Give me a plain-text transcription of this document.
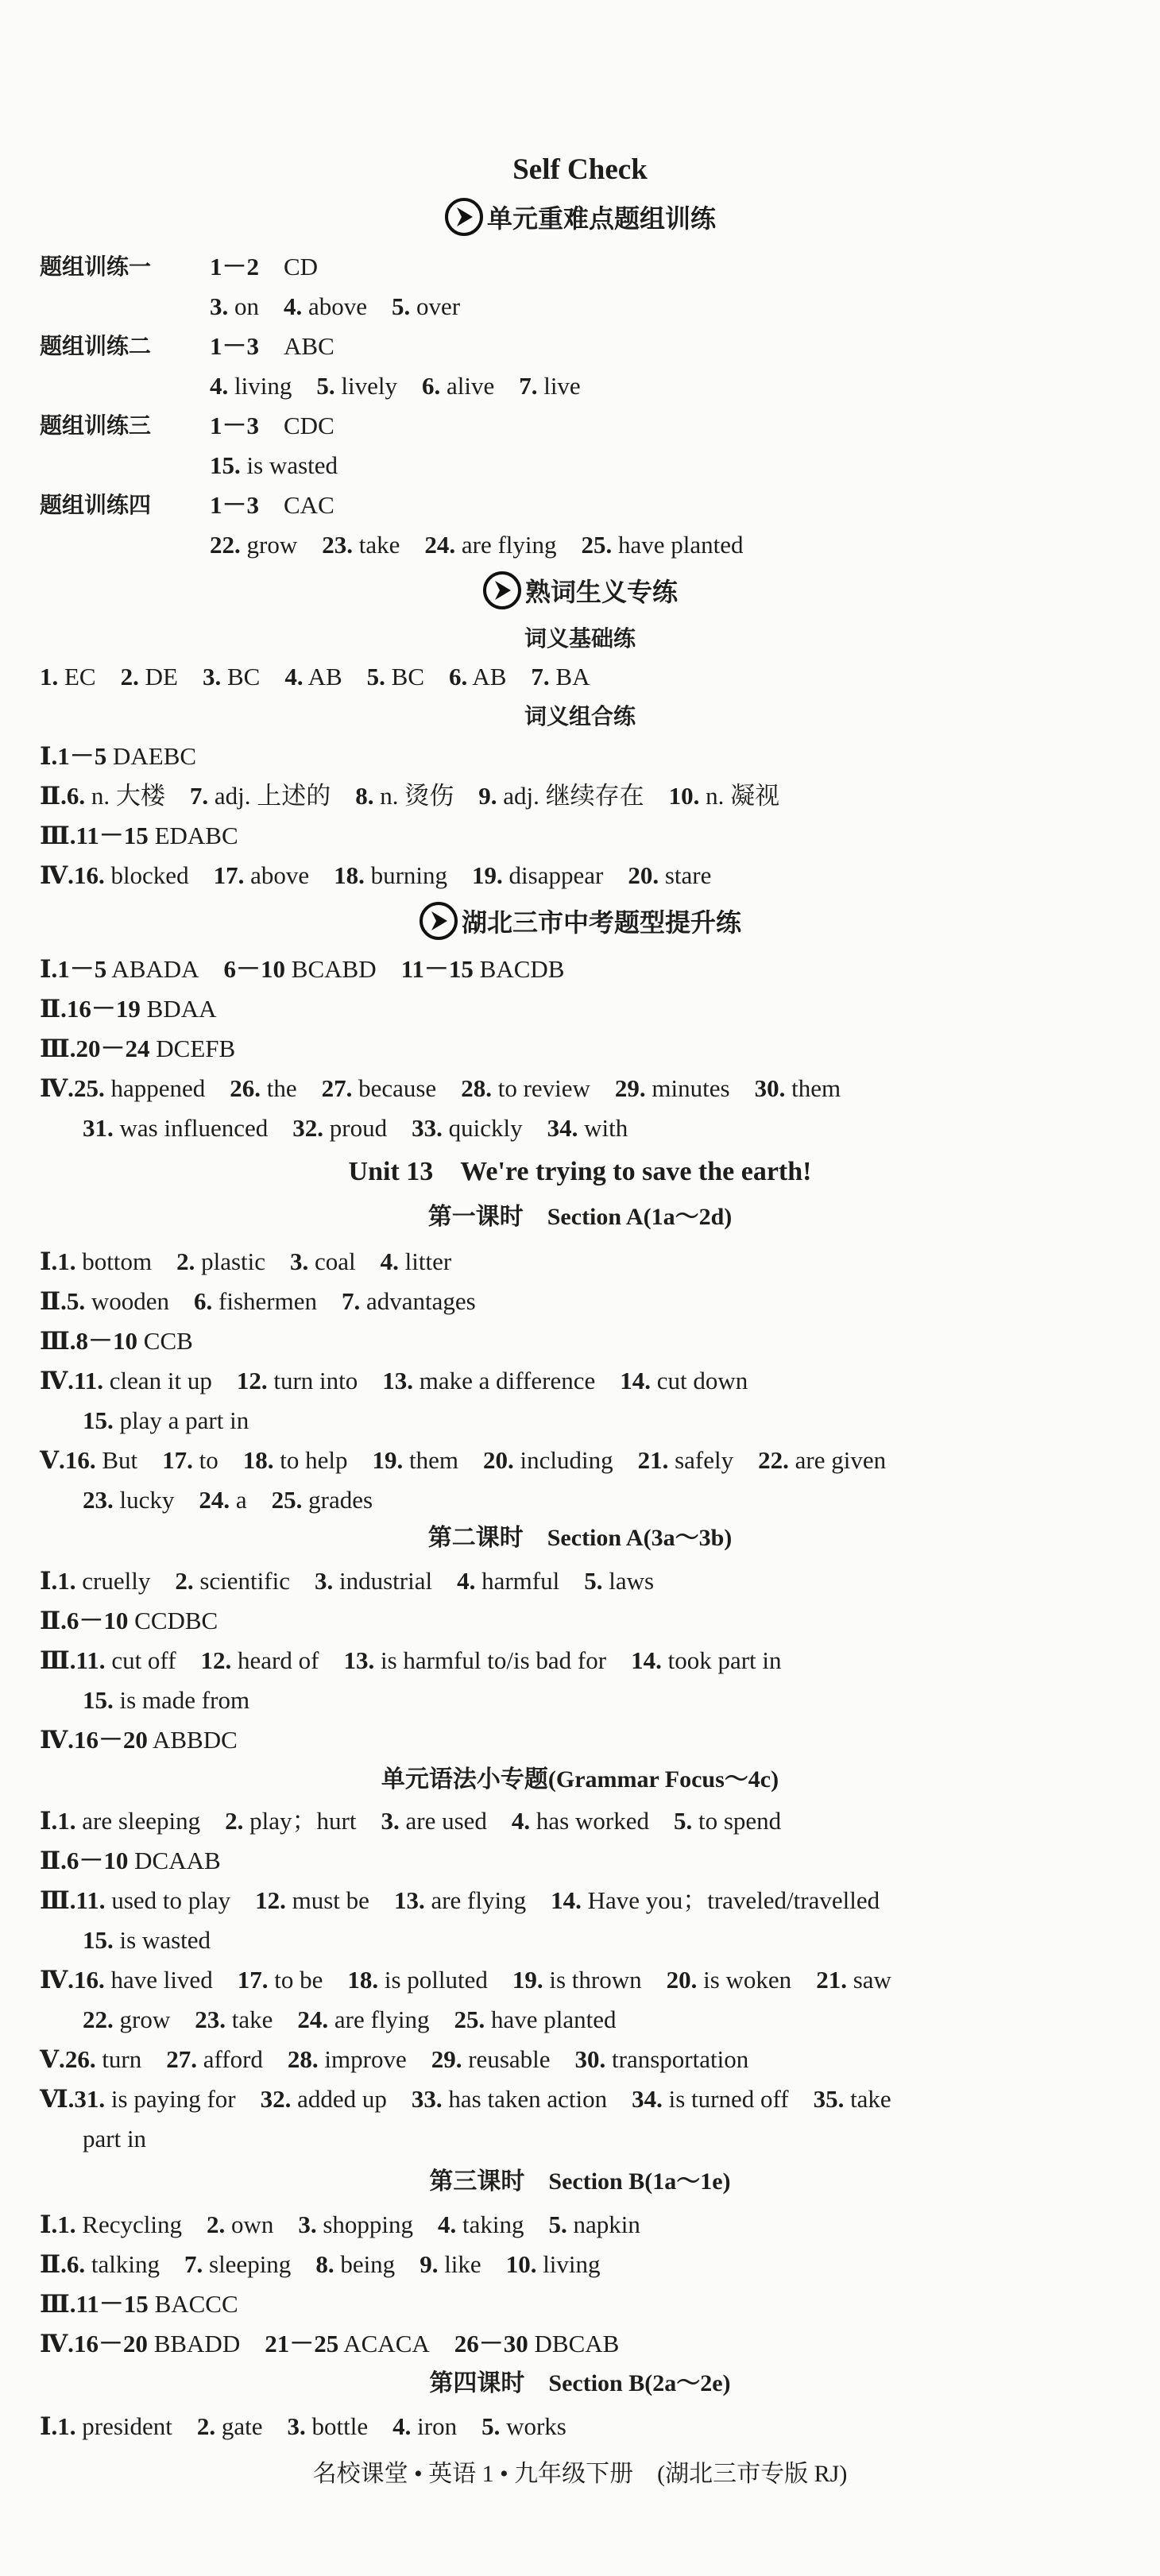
Self Check
单元重难点题组训练
题组训练一 1－2　 CD
3. on   4. above   5. over
题组训练二 1－3　 ABC
4. living   5. lively   6. alive   7. live
题组训练三 1－3　 CDC
15. is wasted
题组训练四 1－3　 CAC
22. grow   23. take   24. are flying   25. have planted
熟词生义专练
词义基础练
1. EC   2. DE   3. BC   4. AB   5. BC   6. AB   7. BA
词义组合练
Ⅰ.1－5 DAEBC
Ⅱ.6. n. 大楼   7. adj. 上述的   8. n. 烫伤   9. adj. 继续存在   10. n. 凝视
Ⅲ.11－15 EDABC
Ⅳ.16. blocked   17. above   18. burning   19. disappear   20. stare
湖北三市中考题型提升练
Ⅰ.1－5 ABADA   6－10 BCABD   11－15 BACDB
Ⅱ.16－19 BDAA
Ⅲ.20－24 DCEFB
Ⅳ.25. happened   26. the   27. because   28. to review   29. minutes   30. them
31. was influenced   32. proud   33. quickly   34. with
Unit 13　We're trying to save the earth!
第一课时　Section A(1a～2d)
Ⅰ.1. bottom   2. plastic   3. coal   4. litter
Ⅱ.5. wooden   6. fishermen   7. advantages
Ⅲ.8－10 CCB
Ⅳ.11. clean it up   12. turn into   13. make a difference   14. cut down
15. play a part in
Ⅴ.16. But   17. to   18. to help   19. them   20. including   21. safely   22. are given
23. lucky   24. a   25. grades
第二课时　Section A(3a～3b)
Ⅰ.1. cruelly   2. scientific   3. industrial   4. harmful   5. laws
Ⅱ.6－10 CCDBC
Ⅲ.11. cut off   12. heard of   13. is harmful to/is bad for   14. took part in
15. is made from
Ⅳ.16－20 ABBDC
单元语法小专题(Grammar Focus～4c)
Ⅰ.1. are sleeping   2. play；hurt   3. are used   4. has worked   5. to spend
Ⅱ.6－10 DCAAB
Ⅲ.11. used to play   12. must be   13. are flying   14. Have you；traveled/travelled
15. is wasted
Ⅳ.16. have lived   17. to be   18. is polluted   19. is thrown   20. is woken   21. saw
22. grow   23. take   24. are flying   25. have planted
Ⅴ.26. turn   27. afford   28. improve   29. reusable   30. transportation
Ⅵ.31. is paying for   32. added up   33. has taken action   34. is turned off   35. take
part in
第三课时　Section B(1a～1e)
Ⅰ.1. Recycling   2. own   3. shopping   4. taking   5. napkin
Ⅱ.6. talking   7. sleeping   8. being   9. like   10. living
Ⅲ.11－15 BACCC
Ⅳ.16－20 BBADD   21－25 ACACA   26－30 DBCAB
第四课时　Section B(2a～2e)
Ⅰ.1. president   2. gate   3. bottle   4. iron   5. works
名校课堂 • 英语 1 • 九年级下册　(湖北三市专版 RJ)
